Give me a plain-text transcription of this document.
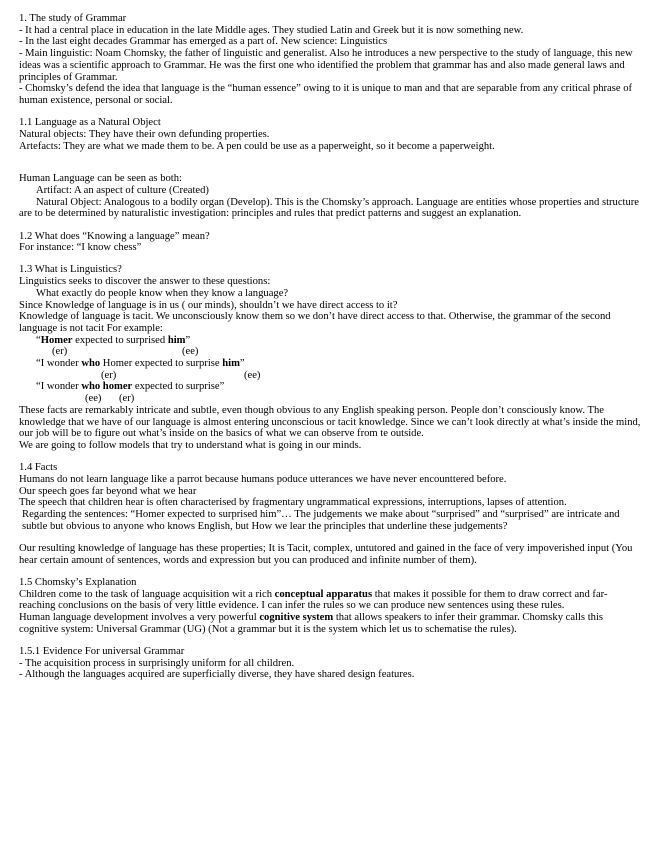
1. The study of Grammar

- It had a central place in education in the late Middle ages. They studied Latin and Greek but it is now something new.

- In the last eight decades Grammar has emerged as a part of. New science: Linguistics

- Main linguistic: Noam Chomsky, the father of linguistic and generalist. Also he introduces a new perspective to the study of language, this new ideas was a scientific approach to Grammar. He was the first one who identified the problem that grammar has and also made general laws and principles of Grammar.

- Chomsky’s defend the idea that language is the “human essence” owing to it is unique to man and that are separable from any critical phrase of human existence, personal or social.

1.1 Language as a Natural Object

Natural objects: They have their own defunding properties.

Artefacts: They are what we made them to be. A pen could be use as a paperweight, so it become a paperweight.

Human Language can be seen as both:

Artifact: A an aspect of culture (Created)

Natural Object: Analogous to a bodily organ (Develop). This is the Chomsky’s approach. Language are entities whose properties and structure are to be determined by naturalistic investigation: principles and rules that predict patterns and suggest an explanation.

1.2 What does “Knowing a language” mean?

For instance: “I know chess”

1.3 What is Linguistics?

Linguistics seeks to discover the answer to these questions:

What exactly do people know when they know a language?

Since Knowledge of language is in us ( our minds), shouldn’t we have direct access to it?

Knowledge of language is tacit. We unconsciously know them so we don’t have direct access to that. Otherwise, the grammar of the second language is not tacit For example:

“Homer expected to surprised him”

(er)	(ee)

“I wonder who Homer expected to surprise him”

(er)	(ee)

“I wonder who homer expected to surprise”

(ee) (er)

These facts are remarkably intricate and subtle, even though obvious to any English speaking person. People don’t consciously know. The knowledge that we have of our language is almost entering unconscious or tacit knowledge. Since we can’t look directly at what’s inside the mind, our job will be to figure out what’s inside on the basics of what we can observe from te outside.

We are going to follow models that try to understand what is going in our minds.

1.4 Facts

Humans do not learn language like a parrot because humans poduce utterances we have never encounttered before.

Our speech goes far beyond what we hear

The speech that children hear is often characterised by fragmentary ungrammatical expressions, interruptions, lapses of attention.

Regarding the sentences: “Homer expected to surprised him”… The judgements we make about “surprised” and “surprised” are intricate and subtle but obvious to anyone who knows English, but How we lear the principles that underline these judgements?

Our resulting knowledge of language has these properties; It is Tacit, complex, untutored and gained in the face of very impoverished input (You hear certain amount of sentences, words and expression but you can produced and infinite number of them).

1.5 Chomsky’s Explanation

Children come to the task of language acquisition wit a rich conceptual apparatus that makes it possible for them to draw correct and far-reaching conclusions on the basis of very little evidence. I can infer the rules so we can produce new sentences using these rules.

Human language development involves a very powerful cognitive system that allows speakers to infer their grammar. Chomsky calls this cognitive system: Universal Grammar (UG) (Not a grammar but it is the system which let us to schematise the rules).

1.5.1 Evidence For universal Grammar

- The acquisition process in surprisingly uniform for all children.

- Although the languages acquired are superficially diverse, they have shared design features.
